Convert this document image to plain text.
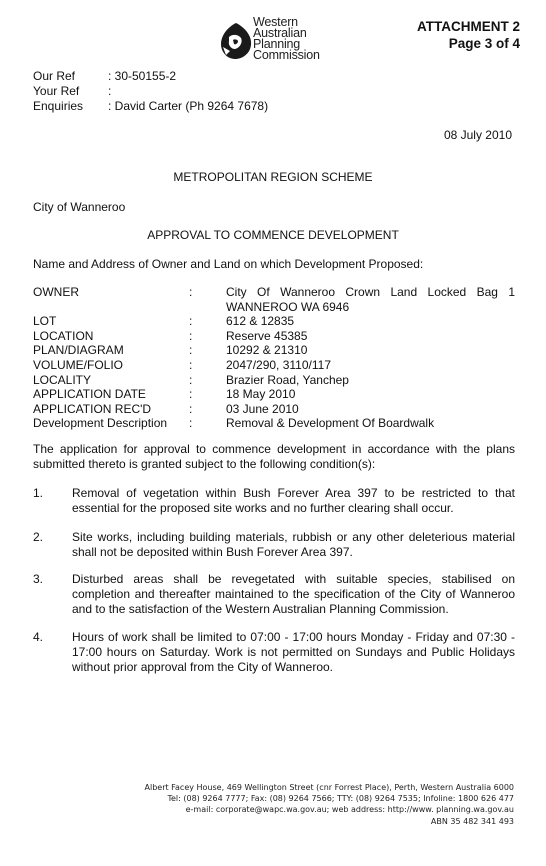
Western
Australian
Planning
Commission
ATTACHMENT 2
Page 3 of 4
Our Ref	: 30-50155-2
Your Ref	:
Enquiries	: David Carter (Ph 9264 7678)
08 July 2010
METROPOLITAN REGION SCHEME
City of Wanneroo
APPROVAL TO COMMENCE DEVELOPMENT
Name and Address of Owner and Land on which Development Proposed:
OWNER	:	City Of Wanneroo Crown Land Locked Bag 1
WANNEROO WA 6946
LOT	:	612 & 12835
LOCATION	:	Reserve 45385
PLAN/DIAGRAM	:	10292 & 21310
VOLUME/FOLIO	:	2047/290, 3110/117
LOCALITY	:	Brazier Road, Yanchep
APPLICATION DATE	:	18 May 2010
APPLICATION REC'D	:	03 June 2010
Development Description	:	Removal & Development Of Boardwalk
The application for approval to commence development in accordance with the plans submitted thereto is granted subject to the following condition(s):
1.	Removal of vegetation within Bush Forever Area 397 to be restricted to that essential for the proposed site works and no further clearing shall occur.
2.	Site works, including building materials, rubbish or any other deleterious material shall not be deposited within Bush Forever Area 397.
3.	Disturbed areas shall be revegetated with suitable species, stabilised on completion and thereafter maintained to the specification of the City of Wanneroo and to the satisfaction of the Western Australian Planning Commission.
4.	Hours of work shall be limited to 07:00 - 17:00 hours Monday - Friday and 07:30 - 17:00 hours on Saturday. Work is not permitted on Sundays and Public Holidays without prior approval from the City of Wanneroo.
Albert Facey House, 469 Wellington Street (cnr Forrest Place), Perth, Western Australia 6000
Tel: (08) 9264 7777; Fax: (08) 9264 7566; TTY: (08) 9264 7535; Infoline: 1800 626 477
e-mail: corporate@wapc.wa.gov.au; web address: http://www. planning.wa.gov.au
ABN 35 482 341 493
